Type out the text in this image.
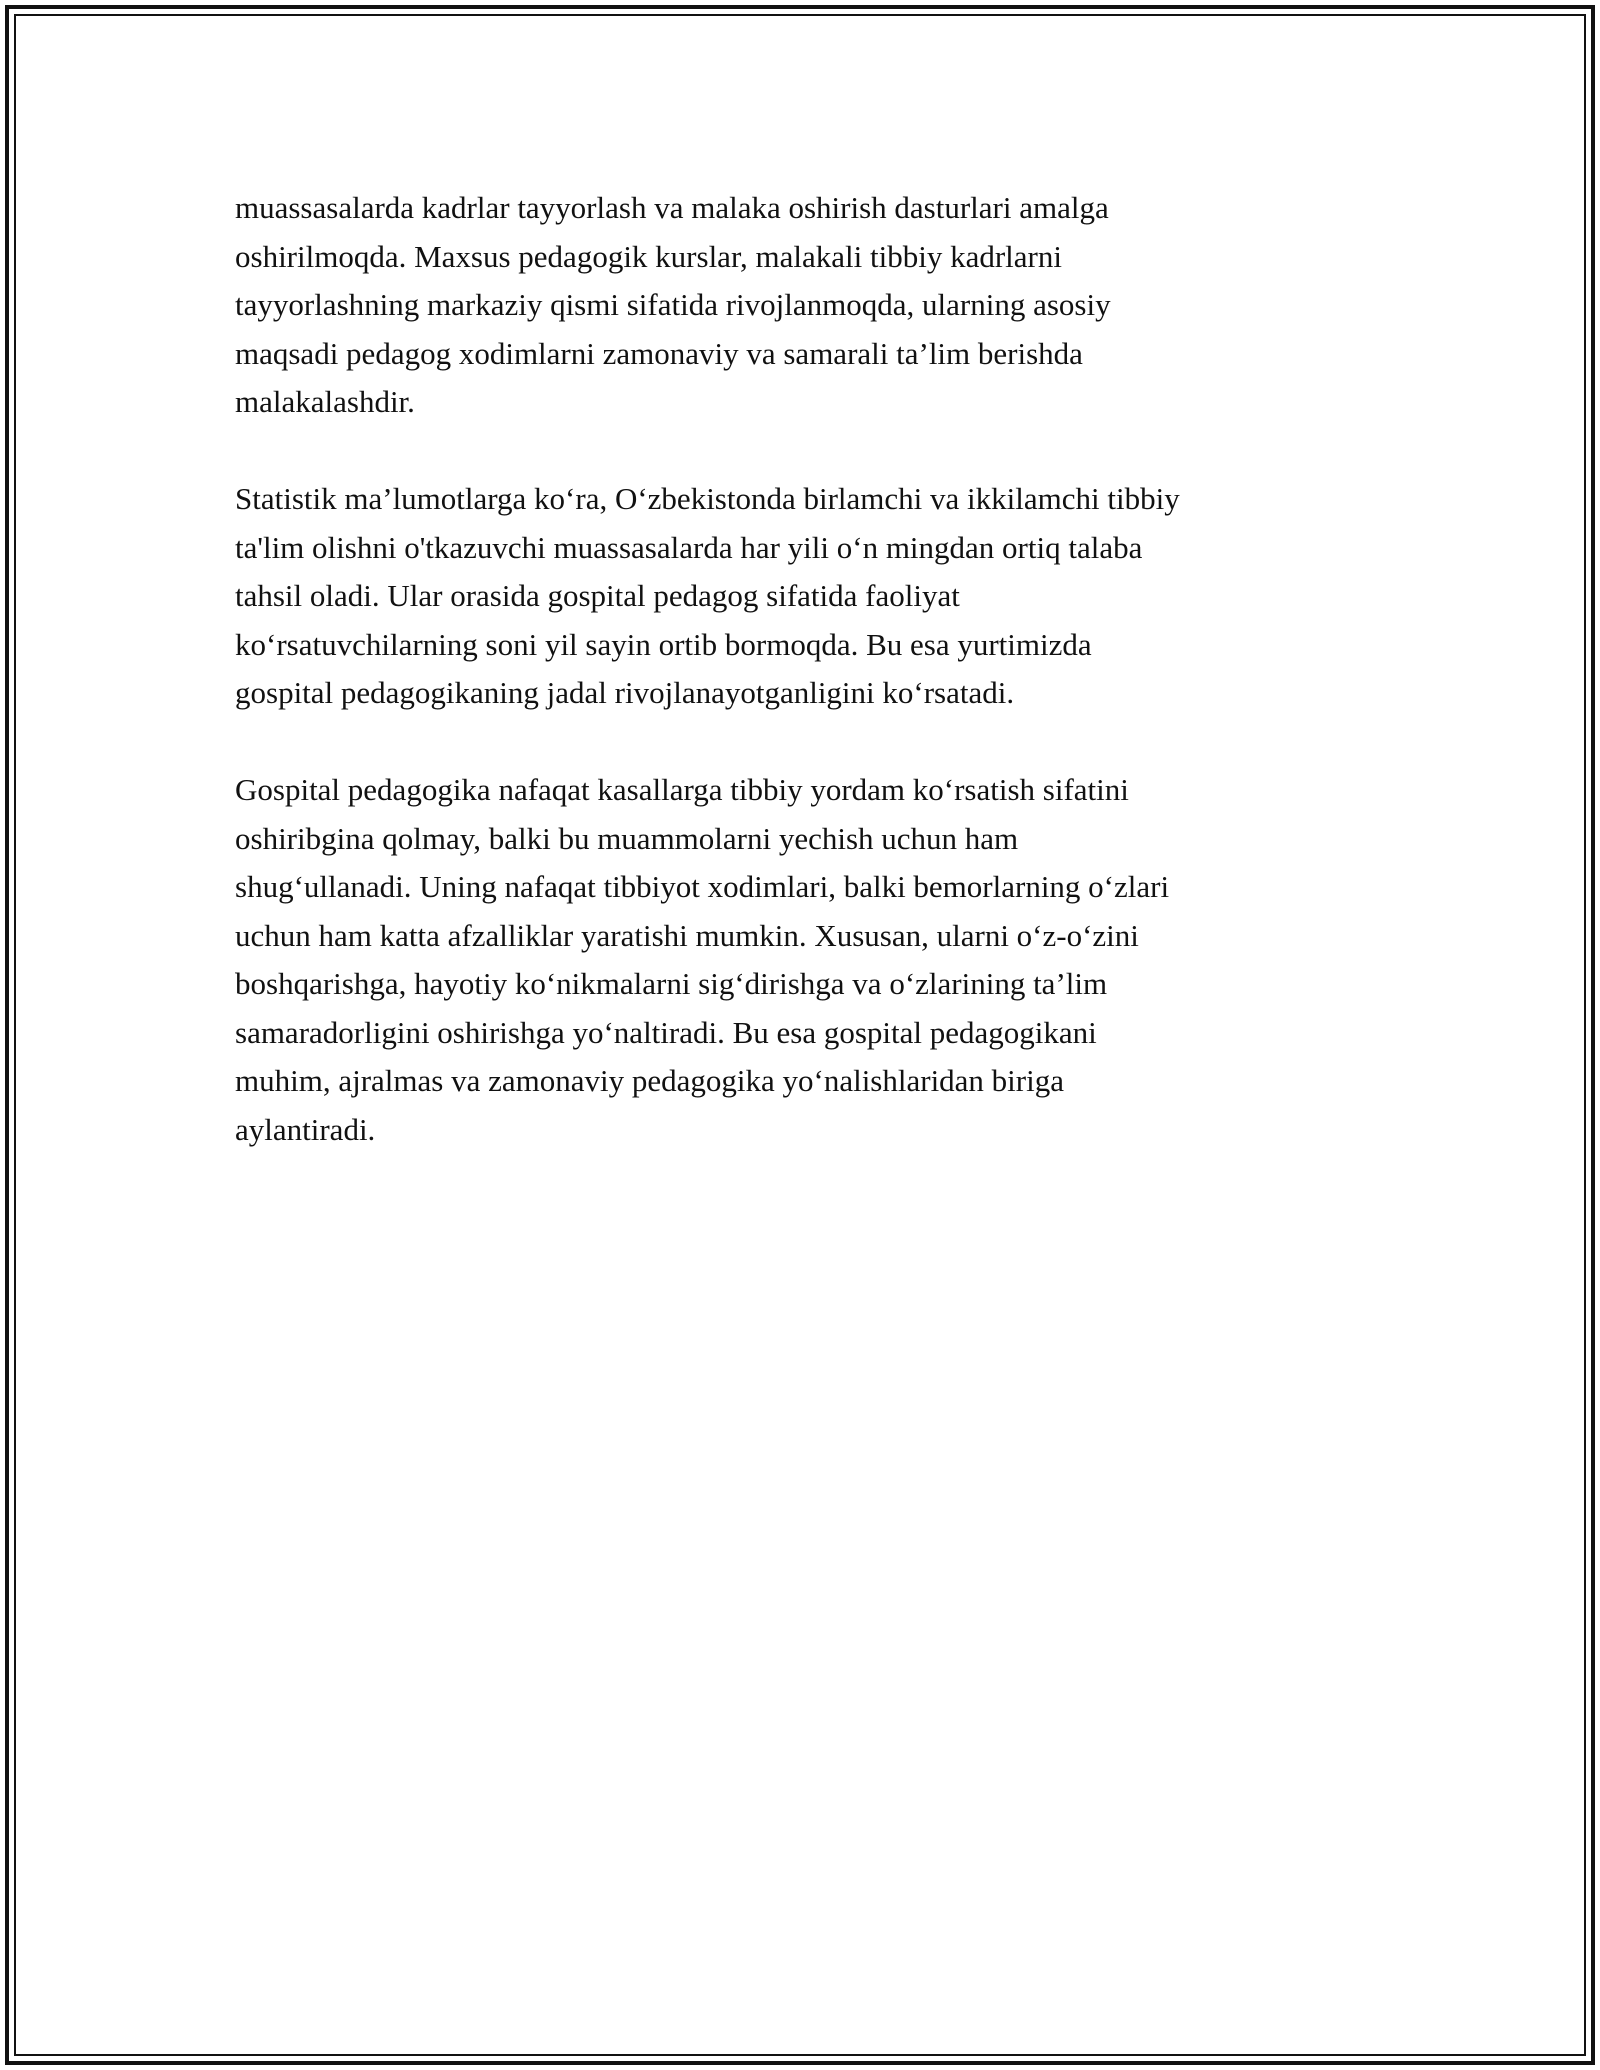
muassasalarda kadrlar tayyorlash va malaka oshirish dasturlari amalga
oshirilmoqda. Maxsus pedagogik kurslar, malakali tibbiy kadrlarni
tayyorlashning markaziy qismi sifatida rivojlanmoqda, ularning asosiy
maqsadi pedagog xodimlarni zamonaviy va samarali ta’lim berishda
malakalashdir.

Statistik ma’lumotlarga ko‘ra, O‘zbekistonda birlamchi va ikkilamchi tibbiy
ta'lim olishni o'tkazuvchi muassasalarda har yili o‘n mingdan ortiq talaba
tahsil oladi. Ular orasida gospital pedagog sifatida faoliyat
ko‘rsatuvchilarning soni yil sayin ortib bormoqda. Bu esa yurtimizda
gospital pedagogikaning jadal rivojlanayotganligini ko‘rsatadi.

Gospital pedagogika nafaqat kasallarga tibbiy yordam ko‘rsatish sifatini
oshiribgina qolmay, balki bu muammolarni yechish uchun ham
shug‘ullanadi. Uning nafaqat tibbiyot xodimlari, balki bemorlarning o‘zlari
uchun ham katta afzalliklar yaratishi mumkin. Xususan, ularni o‘z-o‘zini
boshqarishga, hayotiy ko‘nikmalarni sig‘dirishga va o‘zlarining ta’lim
samaradorligini oshirishga yo‘naltiradi. Bu esa gospital pedagogikani
muhim, ajralmas va zamonaviy pedagogika yo‘nalishlaridan biriga
aylantiradi.
